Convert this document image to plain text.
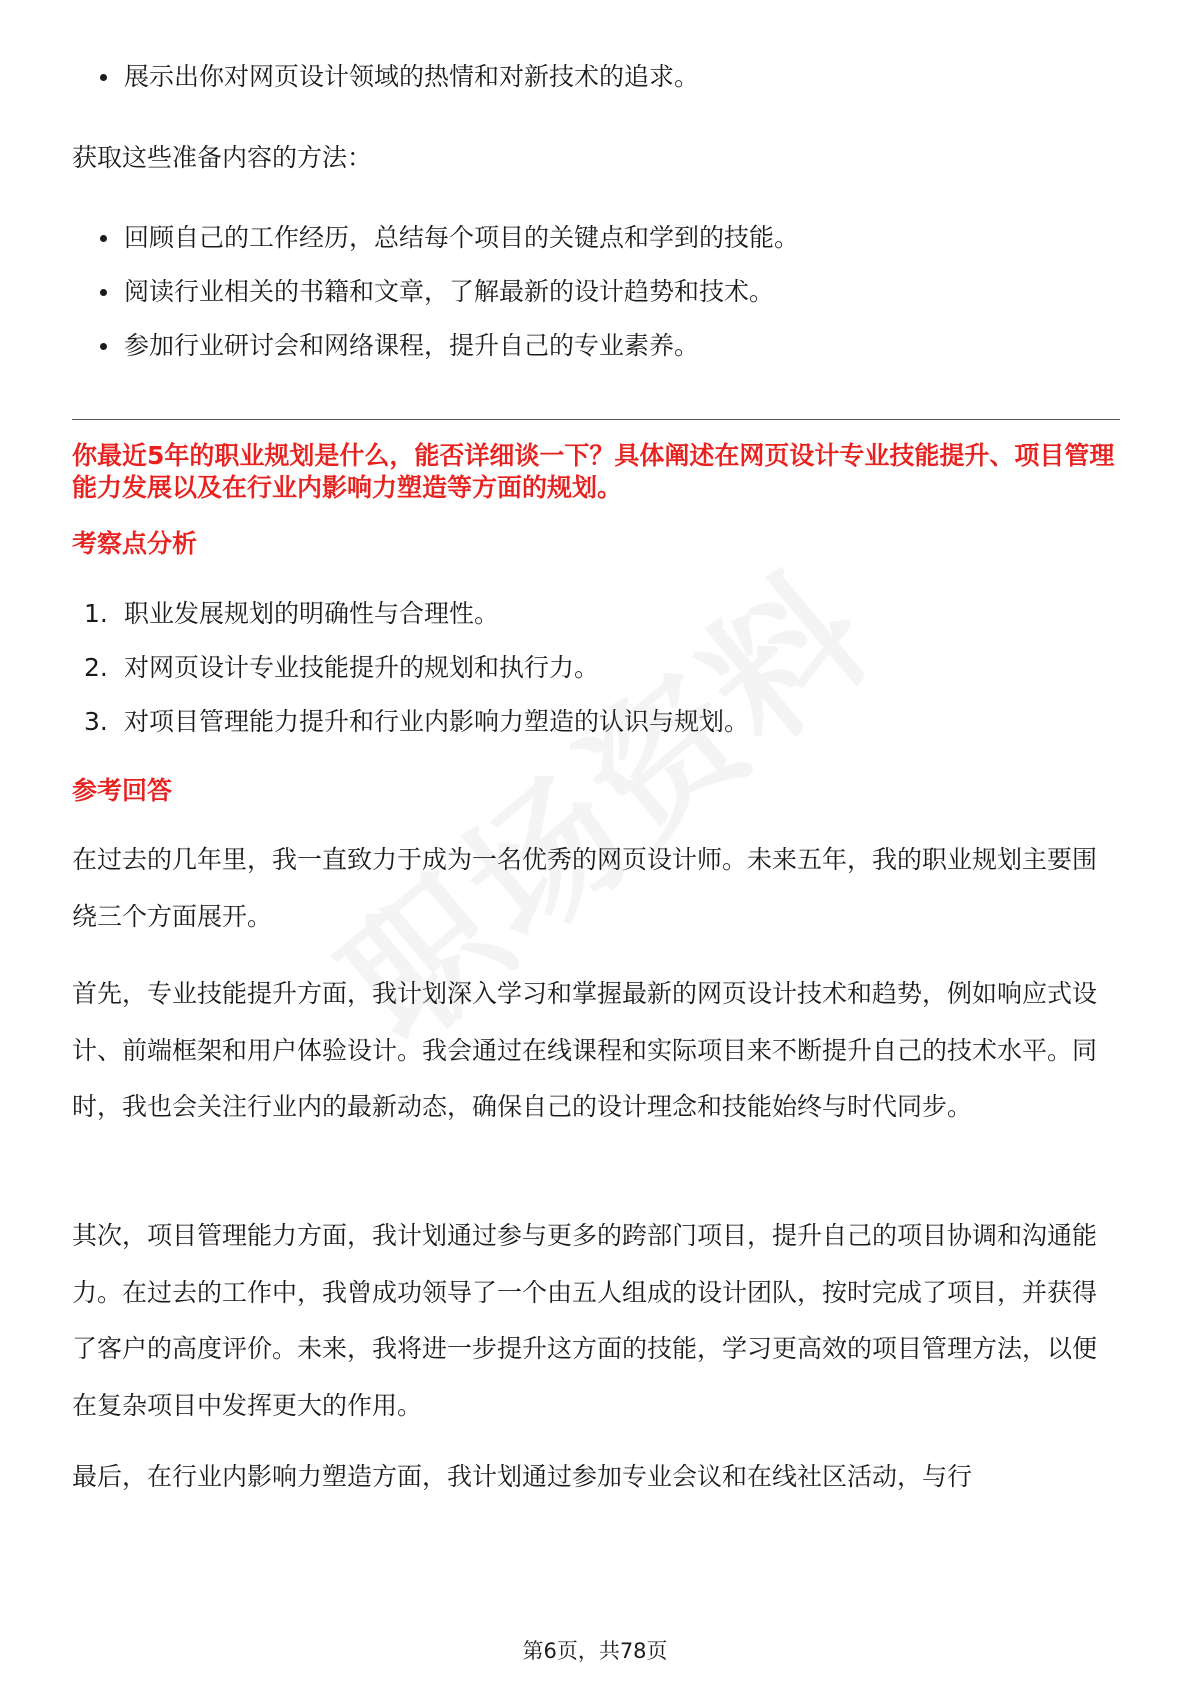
展示出你对网页设计领域的热情和对新技术的追求。

获取这些准备内容的方法：

回顾自己的工作经历，总结每个项目的关键点和学到的技能。
阅读行业相关的书籍和文章，了解最新的设计趋势和技术。
参加行业研讨会和网络课程，提升自己的专业素养。

你最近5年的职业规划是什么，能否详细谈一下？具体阐述在网页设计专业技能提升、项目管理能力发展以及在行业内影响力塑造等方面的规划。

考察点分析

1. 职业发展规划的明确性与合理性。
2. 对网页设计专业技能提升的规划和执行力。
3. 对项目管理能力提升和行业内影响力塑造的认识与规划。

参考回答

在过去的几年里，我一直致力于成为一名优秀的网页设计师。未来五年，我的职业规划主要围绕三个方面展开。

首先，专业技能提升方面，我计划深入学习和掌握最新的网页设计技术和趋势，例如响应式设计、前端框架和用户体验设计。我会通过在线课程和实际项目来不断提升自己的技术水平。同时，我也会关注行业内的最新动态，确保自己的设计理念和技能始终与时代同步。

其次，项目管理能力方面，我计划通过参与更多的跨部门项目，提升自己的项目协调和沟通能力。在过去的工作中，我曾成功领导了一个由五人组成的设计团队，按时完成了项目，并获得了客户的高度评价。未来，我将进一步提升这方面的技能，学习更高效的项目管理方法，以便在复杂项目中发挥更大的作用。

最后，在行业内影响力塑造方面，我计划通过参加专业会议和在线社区活动，与行

第6页，共78页
